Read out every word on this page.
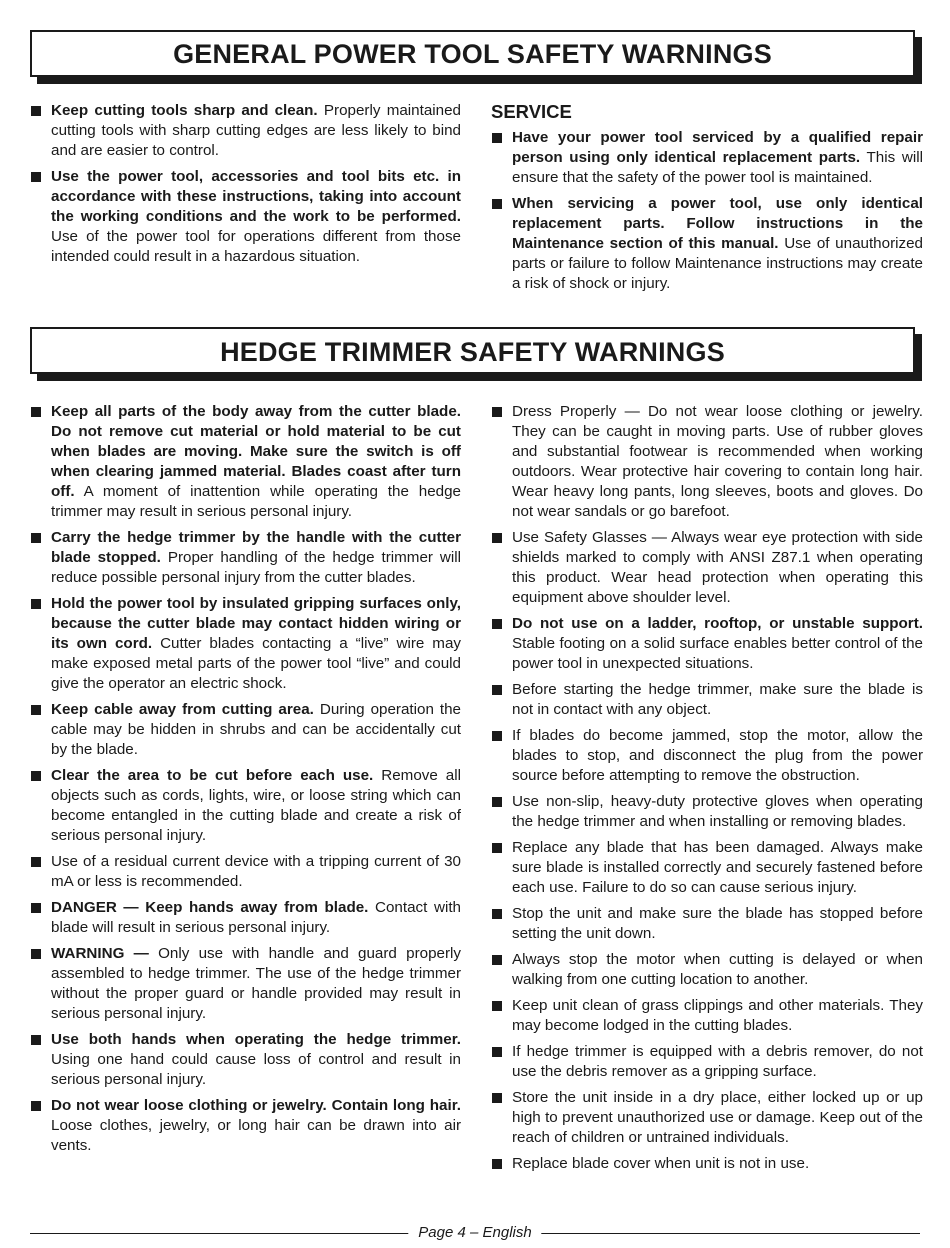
GENERAL POWER TOOL SAFETY WARNINGS
Keep cutting tools sharp and clean. Properly maintained cutting tools with sharp cutting edges are less likely to bind and are easier to control.
Use the power tool, accessories and tool bits etc. in accordance with these instructions, taking into account the working conditions and the work to be performed. Use of the power tool for operations different from those intended could result in a hazardous situation.
SERVICE
Have your power tool serviced by a qualified repair person using only identical replacement parts. This will ensure that the safety of the power tool is maintained.
When servicing a power tool, use only identical replacement parts. Follow instructions in the Maintenance section of this manual. Use of unauthorized parts or failure to follow Maintenance instructions may create a risk of shock or injury.
HEDGE TRIMMER SAFETY WARNINGS
Keep all parts of the body away from the cutter blade. Do not remove cut material or hold material to be cut when blades are moving. Make sure the switch is off when clearing jammed material. Blades coast after turn off. A moment of inattention while operating the hedge trimmer may result in serious personal injury.
Carry the hedge trimmer by the handle with the cutter blade stopped. Proper handling of the hedge trimmer will reduce possible personal injury from the cutter blades.
Hold the power tool by insulated gripping surfaces only, because the cutter blade may contact hidden wiring or its own cord. Cutter blades contacting a “live” wire may make exposed metal parts of the power tool “live” and could give the operator an electric shock.
Keep cable away from cutting area. During operation the cable may be hidden in shrubs and can be accidentally cut by the blade.
Clear the area to be cut before each use. Remove all objects such as cords, lights, wire, or loose string which can become entangled in the cutting blade and create a risk of serious personal injury.
Use of a residual current device with a tripping current of 30 mA or less is recommended.
DANGER — Keep hands away from blade. Contact with blade will result in serious personal injury.
WARNING — Only use with handle and guard properly assembled to hedge trimmer. The use of the hedge trimmer without the proper guard or handle provided may result in serious personal injury.
Use both hands when operating the hedge trimmer. Using one hand could cause loss of control and result in serious personal injury.
Do not wear loose clothing or jewelry. Contain long hair. Loose clothes, jewelry, or long hair can be drawn into air vents.
Dress Properly — Do not wear loose clothing or jewelry. They can be caught in moving parts. Use of rubber gloves and substantial footwear is recommended when working outdoors. Wear protective hair covering to contain long hair. Wear heavy long pants, long sleeves, boots and gloves. Do not wear sandals or go barefoot.
Use Safety Glasses — Always wear eye protection with side shields marked to comply with ANSI Z87.1 when operating this product. Wear head protection when operating this equipment above shoulder level.
Do not use on a ladder, rooftop, or unstable support. Stable footing on a solid surface enables better control of the power tool in unexpected situations.
Before starting the hedge trimmer, make sure the blade is not in contact with any object.
If blades do become jammed, stop the motor, allow the blades to stop, and disconnect the plug from the power source before attempting to remove the obstruction.
Use non-slip, heavy-duty protective gloves when operating the hedge trimmer and when installing or removing blades.
Replace any blade that has been damaged. Always make sure blade is installed correctly and securely fastened before each use. Failure to do so can cause serious injury.
Stop the unit and make sure the blade has stopped before setting the unit down.
Always stop the motor when cutting is delayed or when walking from one cutting location to another.
Keep unit clean of grass clippings and other materials. They may become lodged in the cutting blades.
If hedge trimmer is equipped with a debris remover, do not use the debris remover as a gripping surface.
Store the unit inside in a dry place, either locked up or up high to prevent unauthorized use or damage. Keep out of the reach of children or untrained individuals.
Replace blade cover when unit is not in use.
Page 4 – English
